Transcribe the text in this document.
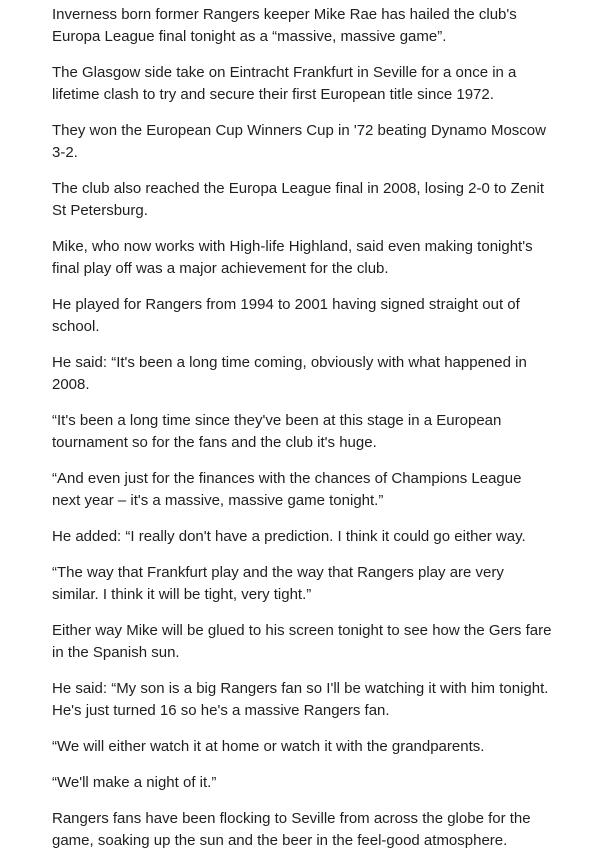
Inverness born former Rangers keeper Mike Rae has hailed the club's Europa League final tonight as a “massive, massive game”.

The Glasgow side take on Eintracht Frankfurt in Seville for a once in a lifetime clash to try and secure their first European title since 1972.

They won the European Cup Winners Cup in '72 beating Dynamo Moscow 3-2.

The club also reached the Europa League final in 2008, losing 2-0 to Zenit St Petersburg.

Mike, who now works with High-life Highland, said even making tonight's final play off was a major achievement for the club.

He played for Rangers from 1994 to 2001 having signed straight out of school.

He said: “It's been a long time coming, obviously with what happened in 2008.

“It's been a long time since they've been at this stage in a European tournament so for the fans and the club it's huge.

“And even just for the finances with the chances of Champions League next year – it's a massive, massive game tonight.”

He added: “I really don't have a prediction. I think it could go either way.

“The way that Frankfurt play and the way that Rangers play are very similar. I think it will be tight, very tight.”

Either way Mike will be glued to his screen tonight to see how the Gers fare in the Spanish sun.

He said: “My son is a big Rangers fan so I'll be watching it with him tonight. He's just turned 16 so he's a massive Rangers fan.

“We will either watch it at home or watch it with the grandparents.

“We'll make a night of it.”

Rangers fans have been flocking to Seville from across the globe for the game, soaking up the sun and the beer in the feel-good atmosphere.
